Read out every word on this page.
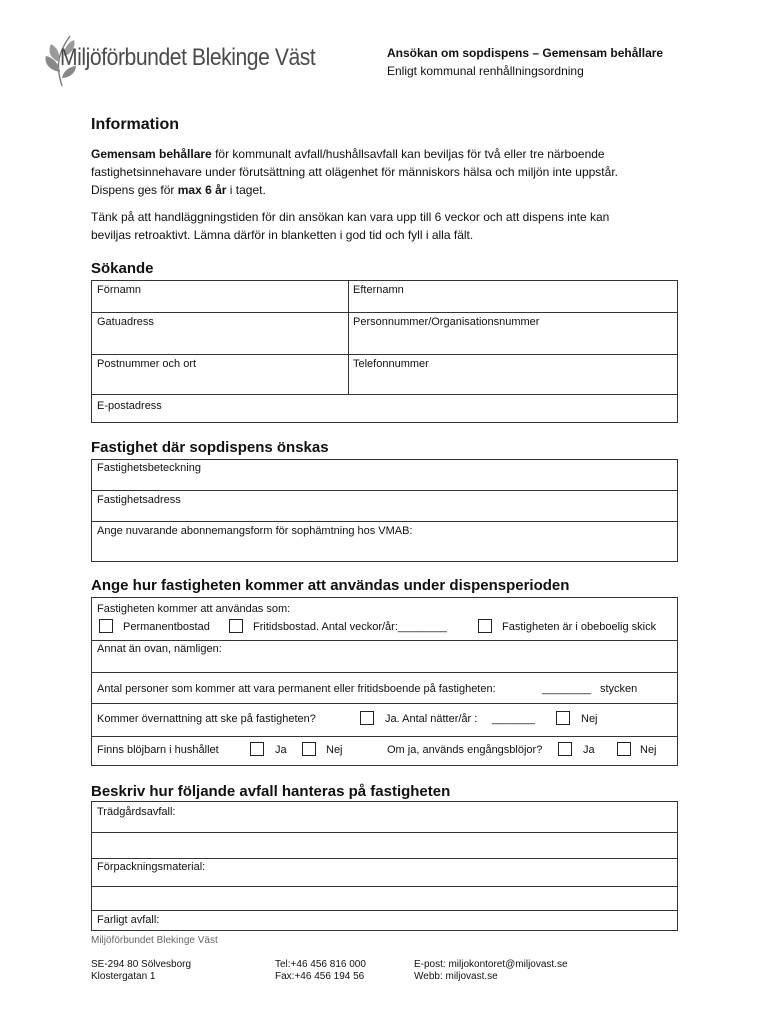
Miljöförbundet Blekinge Väst	Ansökan om sopdispens – Gemensam behållare
Enligt kommunal renhållningsordning
Information
Gemensam behållare för kommunalt avfall/hushållsavfall kan beviljas för två eller tre närboende
fastighetsinnehavare under förutsättning att olägenhet för människors hälsa och miljön inte uppstår.
Dispens ges för max 6 år i taget.
Tänk på att handläggningstiden för din ansökan kan vara upp till 6 veckor och att dispens inte kan
beviljas retroaktivt. Lämna därför in blanketten i god tid och fyll i alla fält.
Sökande
Förnamn	Efternamn
Gatuadress	Personnummer/Organisationsnummer
Postnummer och ort	Telefonnummer
E-postadress
Fastighet där sopdispens önskas
Fastighetsbeteckning
Fastighetsadress
Ange nuvarande abonnemangsform för sophämtning hos VMAB:
Ange hur fastigheten kommer att användas under dispensperioden
Fastigheten kommer att användas som:
Permanentbostad	Fritidsbostad. Antal veckor/år:________	Fastigheten är i obeboelig skick
Annat än ovan, nämligen:
Antal personer som kommer att vara permanent eller fritidsboende på fastigheten:	________ stycken
Kommer övernattning att ske på fastigheten?	Ja. Antal nätter/år : _______	Nej
Finns blöjbarn i hushållet	Ja	Nej	Om ja, används engångsblöjor?	Ja	Nej
Beskriv hur följande avfall hanteras på fastigheten
Trädgårdsavfall:
Förpackningsmaterial:
Farligt avfall:
Miljöförbundet Blekinge Väst
SE-294 80 Sölvesborg
Klostergatan 1
Tel:+46 456 816 000
Fax:+46 456 194 56
E-post: miljokontoret@miljovast.se
Webb: miljovast.se
